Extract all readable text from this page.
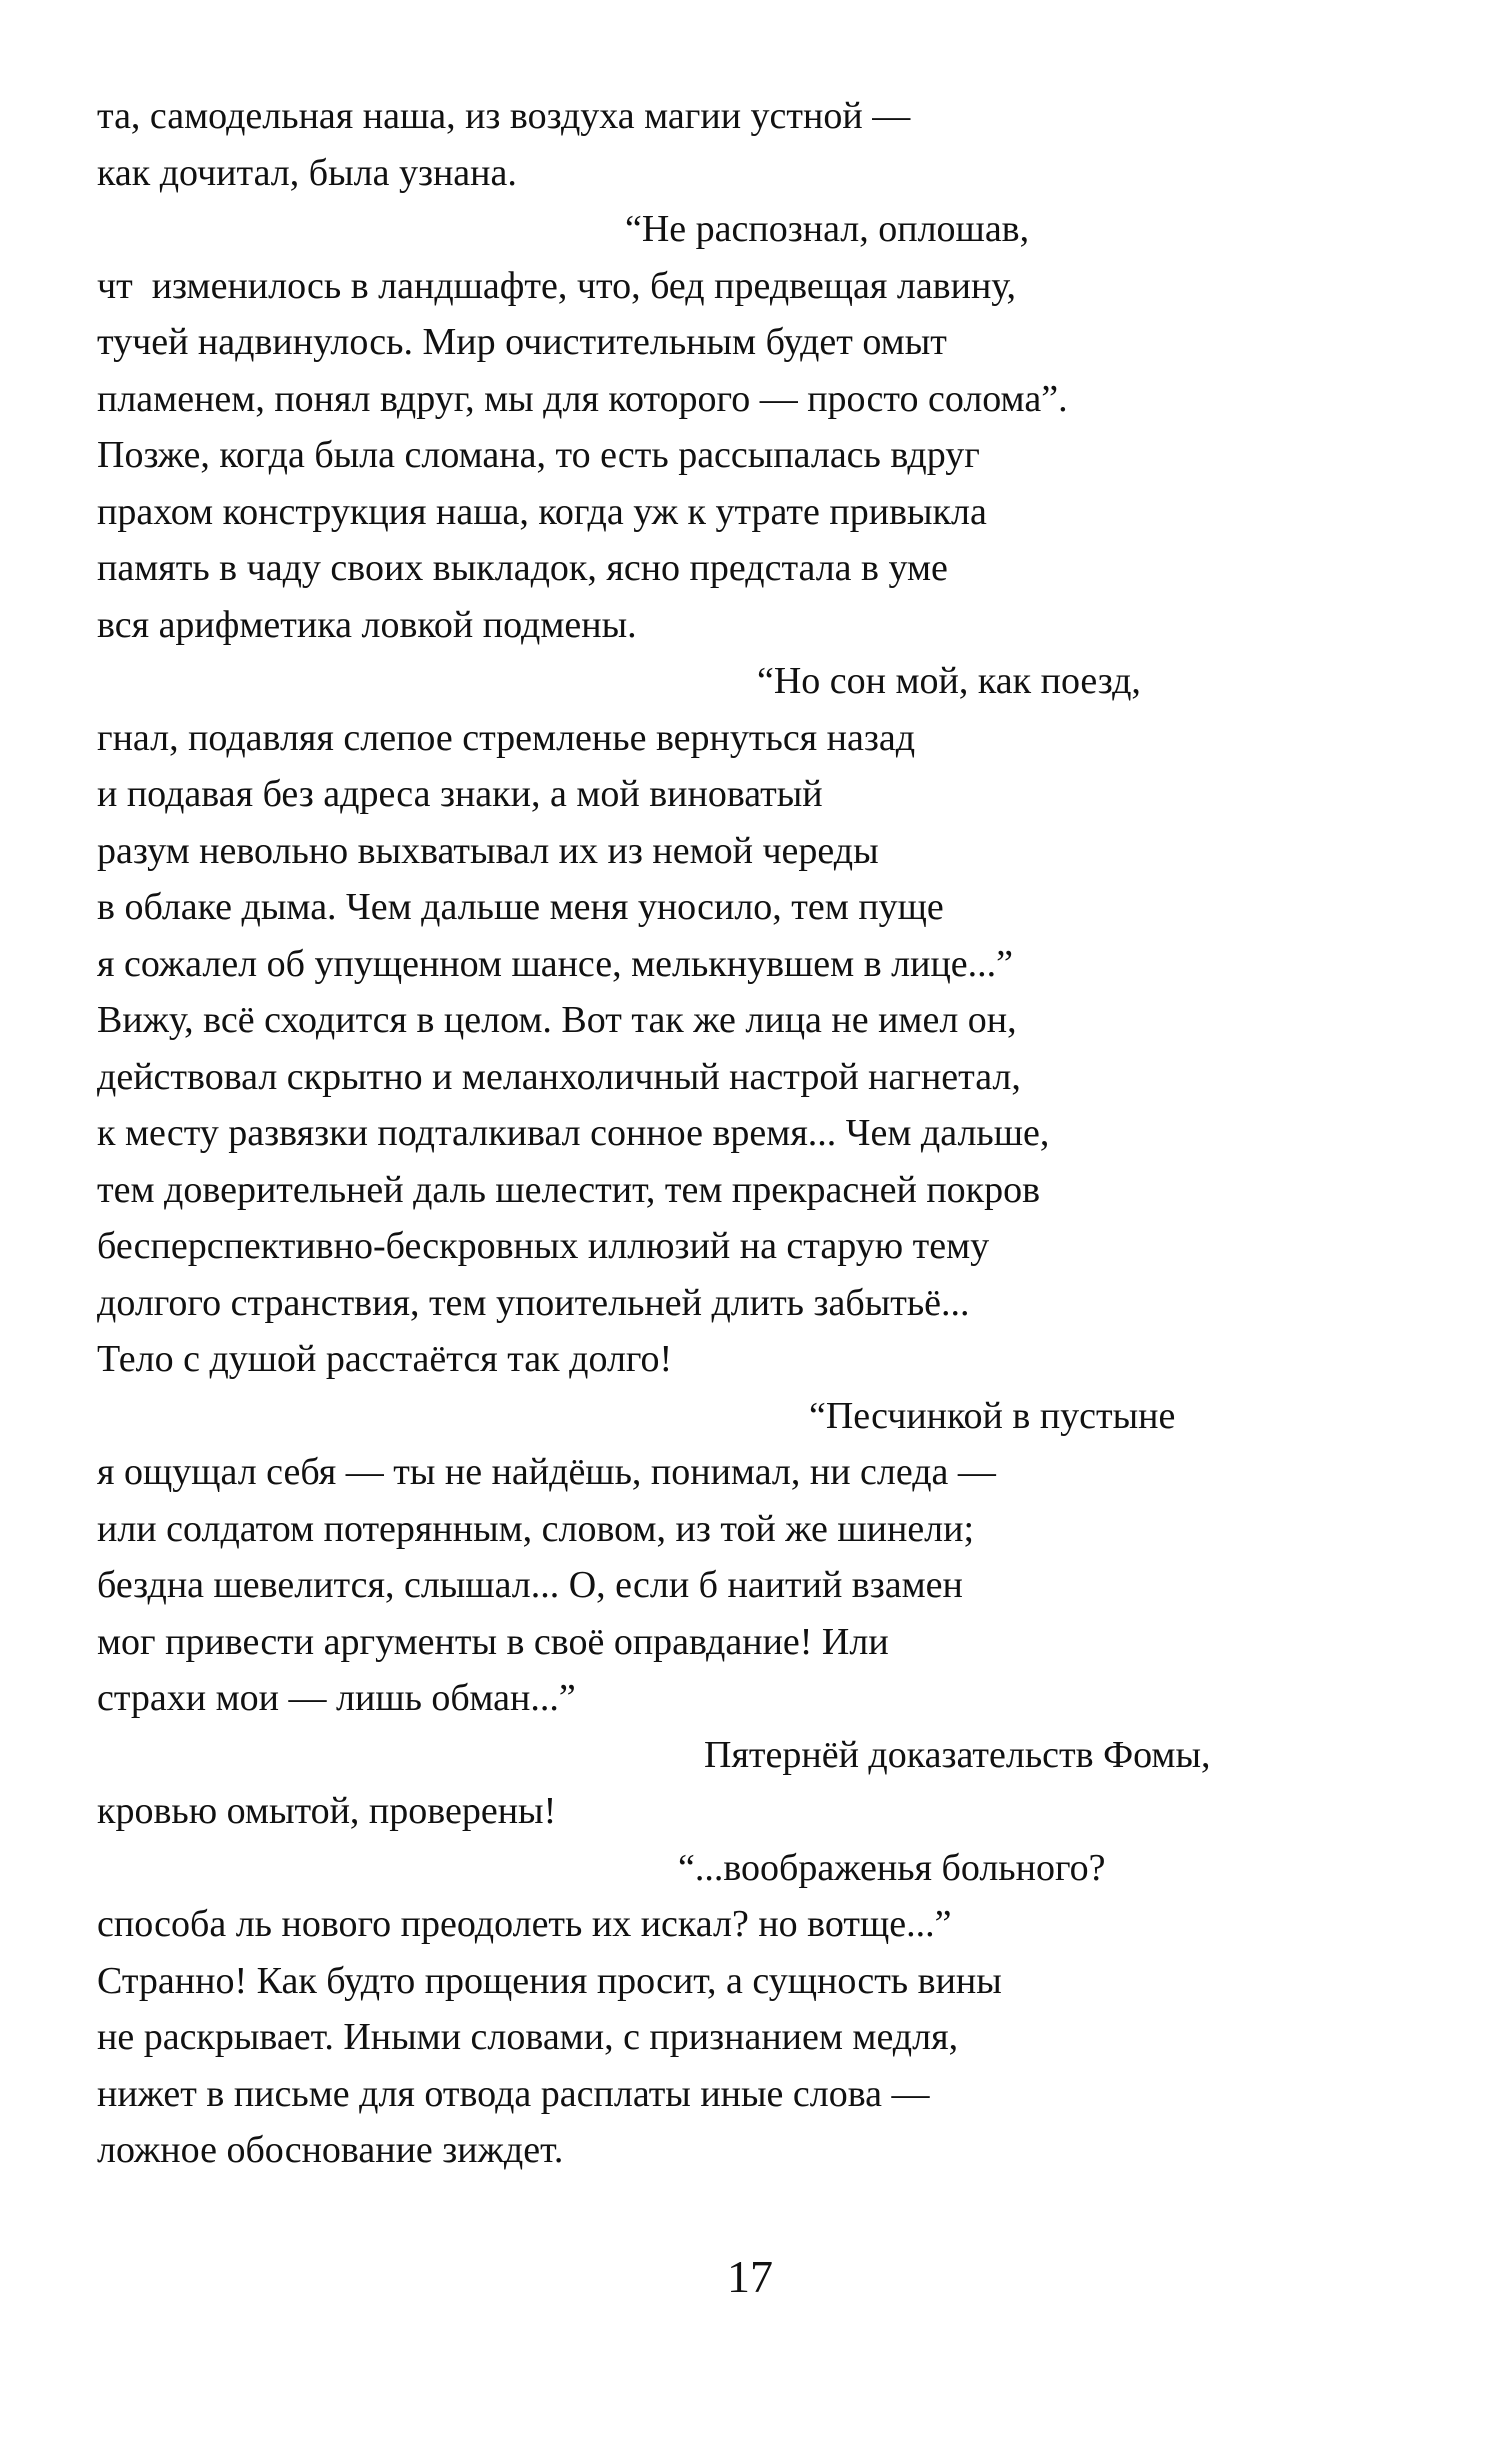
та, самодельная наша, из воздуха магии устной —
как дочитал, была узнана.
“Не распознал, оплошав,
чт  изменилось в ландшафте, что, бед предвещая лавину,
тучей надвинулось. Мир очистительным будет омыт
пламенем, понял вдруг, мы для которого — просто солома”.
Позже, когда была сломана, то есть рассыпалась вдруг
прахом конструкция наша, когда уж к утрате привыкла
память в чаду своих выкладок, ясно предстала в уме
вся арифметика ловкой подмены.
“Но сон мой, как поезд,
гнал, подавляя слепое стремленье вернуться назад
и подавая без адреса знаки, а мой виноватый
разум невольно выхватывал их из немой череды
в облаке дыма. Чем дальше меня уносило, тем пуще
я сожалел об упущенном шансе, мелькнувшем в лице...”
Вижу, всё сходится в целом. Вот так же лица не имел он,
действовал скрытно и меланхоличный настрой нагнетал,
к месту развязки подталкивал сонное время... Чем дальше,
тем доверительней даль шелестит, тем прекрасней покров
бесперспективно-бескровных иллюзий на старую тему
долгого странствия, тем упоительней длить забытьё...
Тело с душой расстаётся так долго!
“Песчинкой в пустыне
я ощущал себя — ты не найдёшь, понимал, ни следа —
или солдатом потерянным, словом, из той же шинели;
бездна шевелится, слышал... О, если б наитий взамен
мог привести аргументы в своё оправдание! Или
страхи мои — лишь обман...”
Пятернёй доказательств Фомы,
кровью омытой, проверены!
“...воображенья больного?
способа ль нового преодолеть их искал? но вотще...”
Странно! Как будто прощения просит, а сущность вины
не раскрывает. Иными словами, с признанием медля,
нижет в письме для отвода расплаты иные слова —
ложное обоснование зиждет.
17
